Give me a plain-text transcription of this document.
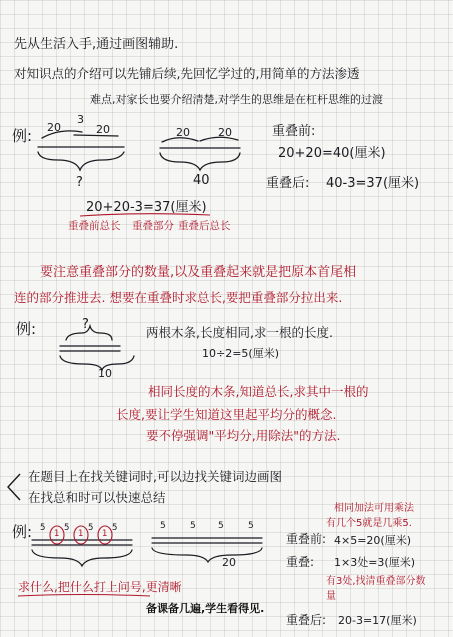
先从生活入手,通过画图辅助.
对知识点的介绍可以先铺后续,先回忆学过的,用简单的方法渗透
难点,对家长也要介绍清楚,对学生的思维是在杠杆思维的过渡
例: 20
3
20
?
20	20
40
重叠前:
20+20=40(厘米)
重叠后: 40-3=37(厘米)
20+20-3=37(厘米)
重叠前总长 重叠部分 重叠后总长
要注意重叠部分的数量,以及重叠起来就是把原本首尾相
连的部分推进去. 想要在重叠时求总长,要把重叠部分拉出来.
例:	?
10
两根木条,长度相同,求一根的长度.
10÷2=5(厘米)
相同长度的木条,知道总长,求其中一根的
长度,要让学生知道这里起平均分的概念.
要不停强调"平均分,用除法"的方法.
在题目上在找关键词时,可以边找关键词边画图
在找总和时可以快速总结
例: 5 5 5 5
1 1 1
5	5 5	5
20
相同加法可用乘法
有几个5就是几乘5.
重叠前: 4×5=20(厘米)
重叠: 1×3处=3(厘米)
有3处,找清重叠部分数
量
求什么,把什么打上问号,更清晰
重叠后: 20-3=17(厘米)
备课备几遍,学生看得见.
